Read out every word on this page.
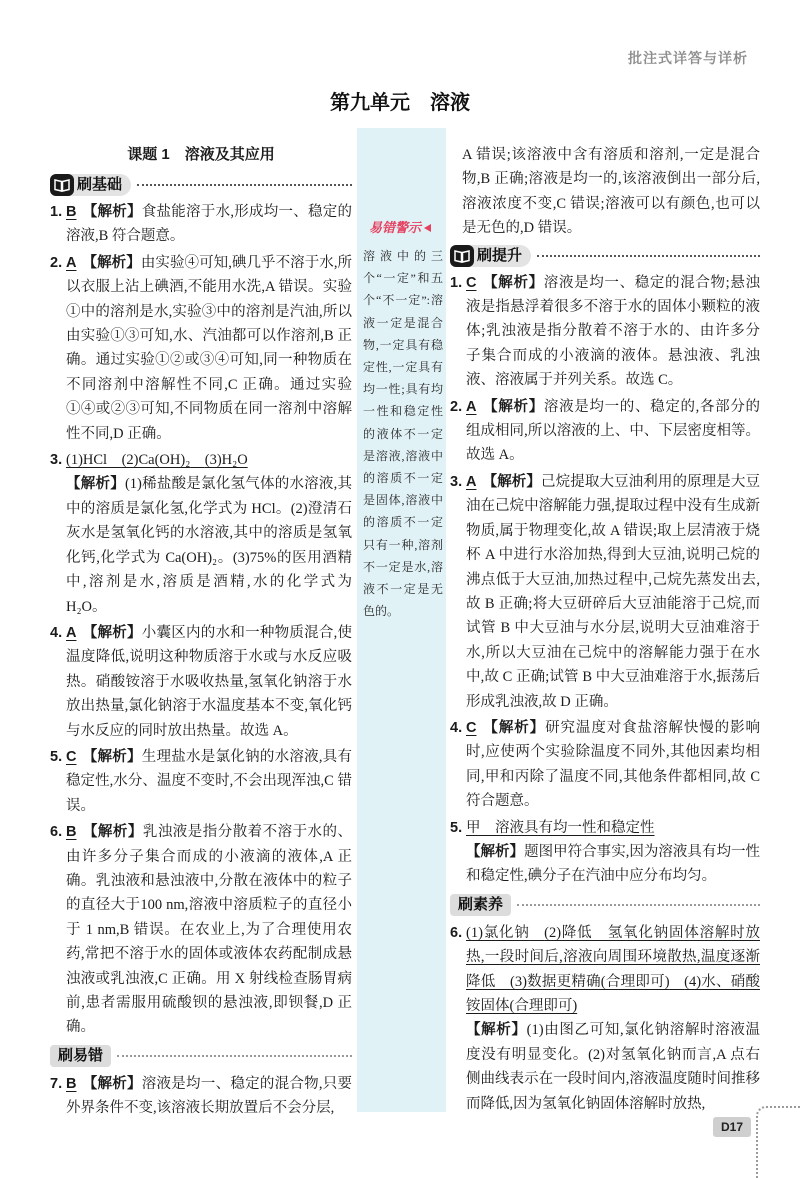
批注式详答与详析
第九单元　溶液
易错警示
溶液中的三个“一定”和五个“不一定”:溶液一定是混合物,一定具有稳定性,一定具有均一性;具有均一性和稳定性的液体不一定是溶液,溶液中的溶质不一定是固体,溶液中的溶质不一定只有一种,溶剂不一定是水,溶液不一定是无色的。
课题 1　溶液及其应用
刷基础
1. B 【解析】食盐能溶于水,形成均一、稳定的溶液,B 符合题意。
2. A 【解析】由实验④可知,碘几乎不溶于水,所以衣服上沾上碘酒,不能用水洗,A 错误。实验①中的溶剂是水,实验③中的溶剂是汽油,所以由实验①③可知,水、汽油都可以作溶剂,B 正确。通过实验①②或③④可知,同一种物质在不同溶剂中溶解性不同,C 正确。通过实验①④或②③可知,不同物质在同一溶剂中溶解性不同,D 正确。
3. (1)HCl  (2)Ca(OH)₂  (3)H₂O
【解析】(1)稀盐酸是氯化氢气体的水溶液,其中的溶质是氯化氢,化学式为 HCl。(2)澄清石灰水是氢氧化钙的水溶液,其中的溶质是氢氧化钙,化学式为 Ca(OH)₂。(3)75%的医用酒精中,溶剂是水,溶质是酒精,水的化学式为 H₂O。
4. A 【解析】小囊区内的水和一种物质混合,使温度降低,说明这种物质溶于水或与水反应吸热。硝酸铵溶于水吸收热量,氢氧化钠溶于水放出热量,氯化钠溶于水温度基本不变,氧化钙与水反应的同时放出热量。故选 A。
5. C 【解析】生理盐水是氯化钠的水溶液,具有稳定性,水分、温度不变时,不会出现浑浊,C 错误。
6. B 【解析】乳浊液是指分散着不溶于水的、由许多分子集合而成的小液滴的液体,A 正确。乳浊液和悬浊液中,分散在液体中的粒子的直径大于100 nm,溶液中溶质粒子的直径小于 1 nm,B 错误。在农业上,为了合理使用农药,常把不溶于水的固体或液体农药配制成悬浊液或乳浊液,C 正确。用 X 射线检查肠胃病前,患者需服用硫酸钡的悬浊液,即钡餐,D 正确。
刷易错
7. B 【解析】溶液是均一、稳定的混合物,只要外界条件不变,该溶液长期放置后不会分层,
A 错误;该溶液中含有溶质和溶剂,一定是混合物,B 正确;溶液是均一的,该溶液倒出一部分后,溶液浓度不变,C 错误;溶液可以有颜色,也可以是无色的,D 错误。
刷提升
1. C 【解析】溶液是均一、稳定的混合物;悬浊液是指悬浮着很多不溶于水的固体小颗粒的液体;乳浊液是指分散着不溶于水的、由许多分子集合而成的小液滴的液体。悬浊液、乳浊液、溶液属于并列关系。故选 C。
2. A 【解析】溶液是均一的、稳定的,各部分的组成相同,所以溶液的上、中、下层密度相等。故选 A。
3. A 【解析】己烷提取大豆油利用的原理是大豆油在己烷中溶解能力强,提取过程中没有生成新物质,属于物理变化,故 A 错误;取上层清液于烧杯 A 中进行水浴加热,得到大豆油,说明己烷的沸点低于大豆油,加热过程中,己烷先蒸发出去,故 B 正确;将大豆研碎后大豆油能溶于己烷,而试管 B 中大豆油与水分层,说明大豆油难溶于水,所以大豆油在己烷中的溶解能力强于在水中,故 C 正确;试管 B 中大豆油难溶于水,振荡后形成乳浊液,故 D 正确。
4. C 【解析】研究温度对食盐溶解快慢的影响时,应使两个实验除温度不同外,其他因素均相同,甲和丙除了温度不同,其他条件都相同,故 C 符合题意。
5. 甲  溶液具有均一性和稳定性
【解析】题图甲符合事实,因为溶液具有均一性和稳定性,碘分子在汽油中应分布均匀。
刷素养
6. (1)氯化钠  (2)降低　氢氧化钠固体溶解时放热,一段时间后,溶液向周围环境散热,温度逐渐降低  (3)数据更精确(合理即可)  (4)水、硝酸铵固体(合理即可)
【解析】(1)由图乙可知,氯化钠溶解时溶液温度没有明显变化。(2)对氢氧化钠而言,A 点右侧曲线表示在一段时间内,溶液温度随时间推移而降低,因为氢氧化钠固体溶解时放热,
D17
